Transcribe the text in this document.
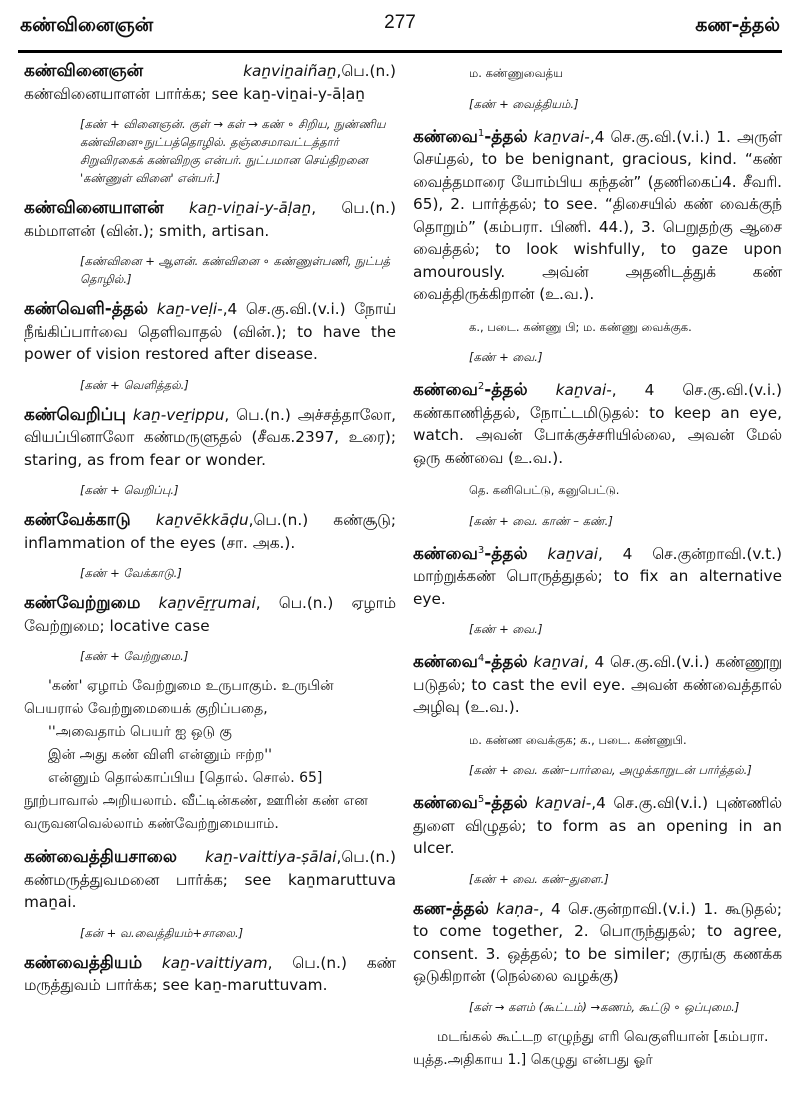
கண்வினைஞன்	277	கண-த்தல்
கண்வினைஞன்	kaṉviṉaiñaṉ,பெ.(n.) கண்வினையாளன் பார்க்க; see kaṉ-viṉai-y-āḷaṉ
[கண் + வினைஞன். குள் → கள் → கண் ∘ சிறிய, நுண்ணிய கண்வினை∘நுட்பத்தொழில். தஞ்சைமாவட்டத்தார் சிறுவிரகைக் கண்விறகு என்பர். நுட்பமான செய்திறனை 'கண்ணுள் வினை' என்பர்.]
கண்வினையாளன் kaṉ-viṉai-y-āḷaṉ, பெ.(n.) கம்மாளன் (வின்.); smith, artisan.
[கண்வினை + ஆளன். கண்வினை ∘ கண்ணுள்பணி, நுட்பத் தொழில்.]
கண்வெளி-த்தல் kaṉ-veḷi-,4 செ.கு.வி.(v.i.) நோய் நீங்கிப்பார்வை தெளிவாதல் (வின்.); to have the power of vision restored after disease.
[கண் + வெளித்தல்.]
கண்வெறிப்பு kaṉ-veṟippu, பெ.(n.) அச்சத்தாலோ, வியப்பினாலோ கண்மருளுதல் (சீவக.2397, உரை); staring, as from fear or wonder.
[கண் + வெறிப்பு.]
கண்வேக்காடு kaṉvēkkāḍu,பெ.(n.) கண்சூடு; inflammation of the eyes (சா. அக.).
[கண் + வேக்காடு.]
கண்வேற்றுமை kaṉvēṟṟumai, பெ.(n.) ஏழாம் வேற்றுமை; locative case
[கண் + வேற்றுமை.]
'கண்' ஏழாம் வேற்றுமை உருபாகும். உருபின் பெயரால் வேற்றுமையைக் குறிப்பதை,
''அவைதாம் பெயர் ஐ ஒடு கு
இன் அது கண் விளி என்னும் ஈற்ற''
என்னும் தொல்காப்பிய [தொல். சொல். 65] நூற்பாவால் அறியலாம். வீட்டின்கண், ஊரின் கண் என வருவனவெல்லாம் கண்வேற்றுமையாம்.
கண்வைத்தியசாலை kaṉ-vaittiya-ṣālai,பெ.(n.) கண்மருத்துவமனை பார்க்க; see kaṉmaruttuva maṉai.
[கன் + வ.வைத்தியம்+சாலை.]
கண்வைத்தியம் kaṉ-vaittiyam, பெ.(n.) கண் மருத்துவம் பார்க்க; see kaṉ-maruttuvam.
ம. கண்ணுவைத்ய
[கண் + வைத்தியம்.]
கண்வை$^1$-த்தல் kaṉvai-,4 செ.கு.வி.(v.i.) 1. அருள் செய்தல், to be benignant, gracious, kind. “கண் வைத்தமாரை யோம்பிய கந்தன்” (தணிகைப்4. சீவரி. 65), 2. பார்த்தல்; to see. “திசையில் கண் வைக்குந் தொறும்” (கம்பரா. பிணி. 44.), 3. பெறுதற்கு ஆசை வைத்தல்; to look wishfully, to gaze upon amourously. அவ்ன் அதனிடத்துக் கண் வைத்திருக்கிறான் (உ.வ.).
க., படை. கண்ணு பி; ம. கண்ணு வைக்குக.
[கண் + வை.]
கண்வை$^2$-த்தல் kaṉvai-, 4 செ.கு.வி.(v.i.) கண்காணித்தல், நோட்டமிடுதல்: to keep an eye, watch. அவன் போக்குச்சரியில்லை, அவன் மேல் ஒரு கண்வை (உ.வ.).
தெ. கனிபெட்டு, கனுபெட்டு.
[கண் + வை. காண் – கண்.]
கண்வை$^3$-த்தல் kaṉvai, 4 செ.குன்றாவி.(v.t.) மாற்றுக்கண் பொருத்துதல்; to fix an alternative eye.
[கண் + வை.]
கண்வை$^4$-த்தல் kaṉvai, 4 செ.கு.வி.(v.i.) கண்ணூறு படுதல்; to cast the evil eye. அவன் கண்வைத்தால் அழிவு (உ.வ.).
ம. கண்ண வைக்குக; க., படை. கண்ணுபி.
[கண் + வை. கண்–பார்வை, அழுக்காறுடன் பார்த்தல்.]
கண்வை$^5$-த்தல் kaṉvai-,4 செ.கு.வி(v.i.) புண்ணில் துளை விழுதல்; to form as an opening in an ulcer.
[கண் + வை. கண்–துளை.]
கண-த்தல் kaṇa-, 4 செ.குன்றாவி.(v.i.) 1. கூடுதல்; to come together, 2. பொருந்துதல்; to agree, consent. 3. ஒத்தல்; to be similer; குரங்கு கணக்க ஒடுகிறான் (நெல்லை வழக்கு)
[கள் → களம் (கூட்டம்) →கணம், கூட்டு ∘ ஒப்புமை.]
மடங்கல் கூட்டற எழுந்து எரி வெகுளியான் [கம்பரா. யுத்த.அதிகாய 1.] கெழுது என்பது ஓர்
